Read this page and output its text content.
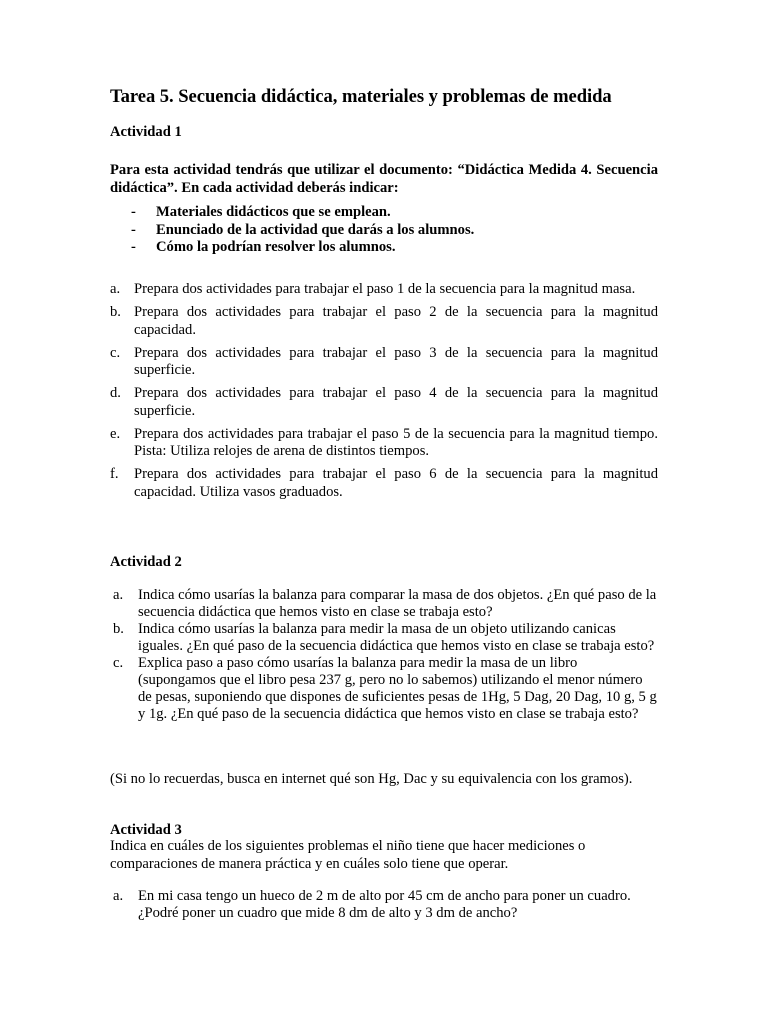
Tarea 5. Secuencia didáctica, materiales y problemas de medida
Actividad 1

Para esta actividad tendrás que utilizar el documento: “Didáctica Medida 4. Secuencia didáctica”. En cada actividad deberás indicar:

- Materiales didácticos que se emplean.
- Enunciado de la actividad que darás a los alumnos.
- Cómo la podrían resolver los alumnos.
a. Prepara dos actividades para trabajar el paso 1 de la secuencia para la magnitud masa.
b. Prepara dos actividades para trabajar el paso 2 de la secuencia para la magnitud capacidad.
c. Prepara dos actividades para trabajar el paso 3 de la secuencia para la magnitud superficie.
d. Prepara dos actividades para trabajar el paso 4 de la secuencia para la magnitud superficie.
e. Prepara dos actividades para trabajar el paso 5 de la secuencia para la magnitud tiempo. Pista: Utiliza relojes de arena de distintos tiempos.
f. Prepara dos actividades para trabajar el paso 6 de la secuencia para la magnitud capacidad. Utiliza vasos graduados.
Actividad 2
a. Indica cómo usarías la balanza para comparar la masa de dos objetos. ¿En qué paso de la secuencia didáctica que hemos visto en clase se trabaja esto?
b. Indica cómo usarías la balanza para medir la masa de un objeto utilizando canicas iguales. ¿En qué paso de la secuencia didáctica que hemos visto en clase se trabaja esto?
c. Explica paso a paso cómo usarías la balanza para medir la masa de un libro (supongamos que el libro pesa 237 g, pero no lo sabemos) utilizando el menor número de pesas, suponiendo que dispones de suficientes pesas de 1Hg, 5 Dag, 20 Dag, 10 g, 5 g y 1g. ¿En qué paso de la secuencia didáctica que hemos visto en clase se trabaja esto?

(Si no lo recuerdas, busca en internet qué son Hg, Dac y su equivalencia con los gramos).

Actividad 3

Indica en cuáles de los siguientes problemas el niño tiene que hacer mediciones o comparaciones de manera práctica y en cuáles solo tiene que operar.

a. En mi casa tengo un hueco de 2 m de alto por 45 cm de ancho para poner un cuadro. ¿Podré poner un cuadro que mide 8 dm de alto y 3 dm de ancho?
